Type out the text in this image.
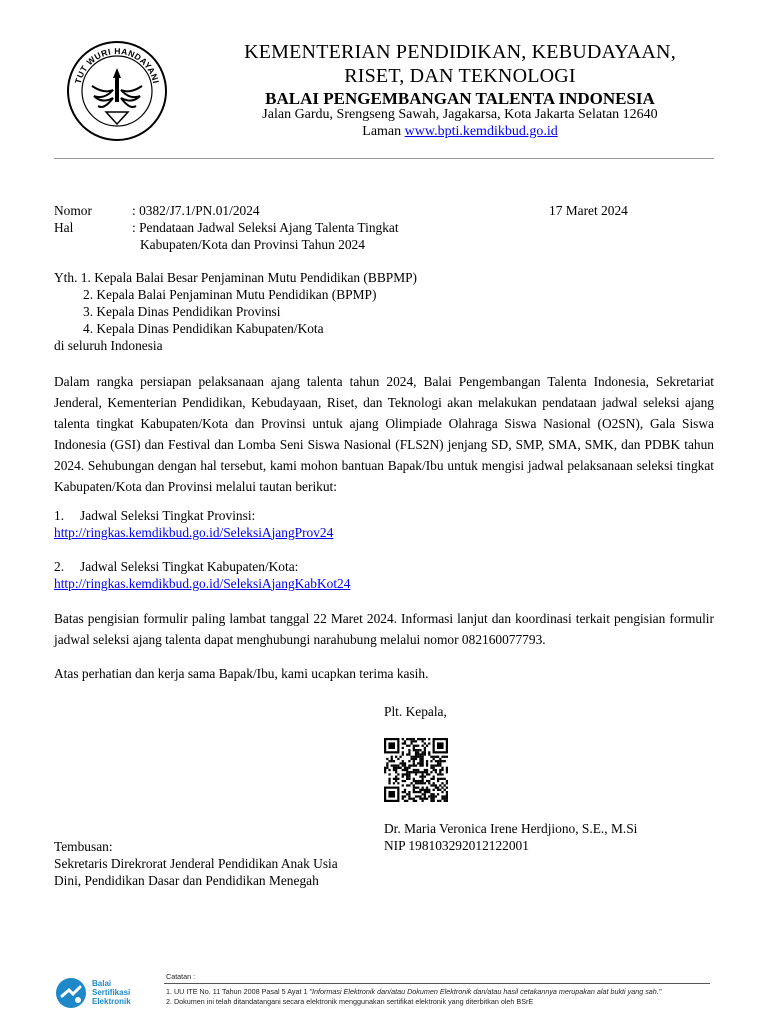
TUT WURI HANDAYANI
KEMENTERIAN PENDIDIKAN, KEBUDAYAAN,
RISET, DAN TEKNOLOGI
BALAI PENGEMBANGAN TALENTA INDONESIA
Jalan Gardu, Srengseng Sawah, Jagakarsa, Kota Jakarta Selatan 12640
Laman www.bpti.kemdikbud.go.id
Nomor	: 0382/J7.1/PN.01/2024	17 Maret 2024
Hal	: Pendataan Jadwal Seleksi Ajang Talenta Tingkat
Kabupaten/Kota dan Provinsi Tahun 2024
Yth. 1. Kepala Balai Besar Penjaminan Mutu Pendidikan (BBPMP)
2. Kepala Balai Penjaminan Mutu Pendidikan (BPMP)
3. Kepala Dinas Pendidikan Provinsi
4. Kepala Dinas Pendidikan Kabupaten/Kota
di seluruh Indonesia
Dalam rangka persiapan pelaksanaan ajang talenta tahun 2024, Balai Pengembangan Talenta Indonesia, Sekretariat Jenderal, Kementerian Pendidikan, Kebudayaan, Riset, dan Teknologi akan melakukan pendataan jadwal seleksi ajang talenta tingkat Kabupaten/Kota dan Provinsi untuk ajang Olimpiade Olahraga Siswa Nasional (O2SN), Gala Siswa Indonesia (GSI) dan Festival dan Lomba Seni Siswa Nasional (FLS2N) jenjang SD, SMP, SMA, SMK, dan PDBK tahun 2024. Sehubungan dengan hal tersebut, kami mohon bantuan Bapak/Ibu untuk mengisi jadwal pelaksanaan seleksi tingkat Kabupaten/Kota dan Provinsi melalui tautan berikut:
1. Jadwal Seleksi Tingkat Provinsi:
http://ringkas.kemdikbud.go.id/SeleksiAjangProv24
2. Jadwal Seleksi Tingkat Kabupaten/Kota:
http://ringkas.kemdikbud.go.id/SeleksiAjangKabKot24
Batas pengisian formulir paling lambat tanggal 22 Maret 2024. Informasi lanjut dan koordinasi terkait pengisian formulir jadwal seleksi ajang talenta dapat menghubungi narahubung melalui nomor 082160077793.
Atas perhatian dan kerja sama Bapak/Ibu, kami ucapkan terima kasih.
Plt. Kepala,
Dr. Maria Veronica Irene Herdjiono, S.E., M.Si
NIP 198103292012122001
Tembusan:
Sekretaris Direkrorat Jenderal Pendidikan Anak Usia
Dini, Pendidikan Dasar dan Pendidikan Menegah
Balai
Sertifikasi
Elektronik
Catatan :
1. UU ITE No. 11 Tahun 2008 Pasal 5 Ayat 1 "Informasi Elektronik dan/atau Dokumen Elektronik dan/atau hasil cetakannya merupakan alat bukti yang sah."
2. Dokumen ini telah ditandatangani secara elektronik menggunakan sertifikat elektronik yang diterbitkan oleh BSrE
